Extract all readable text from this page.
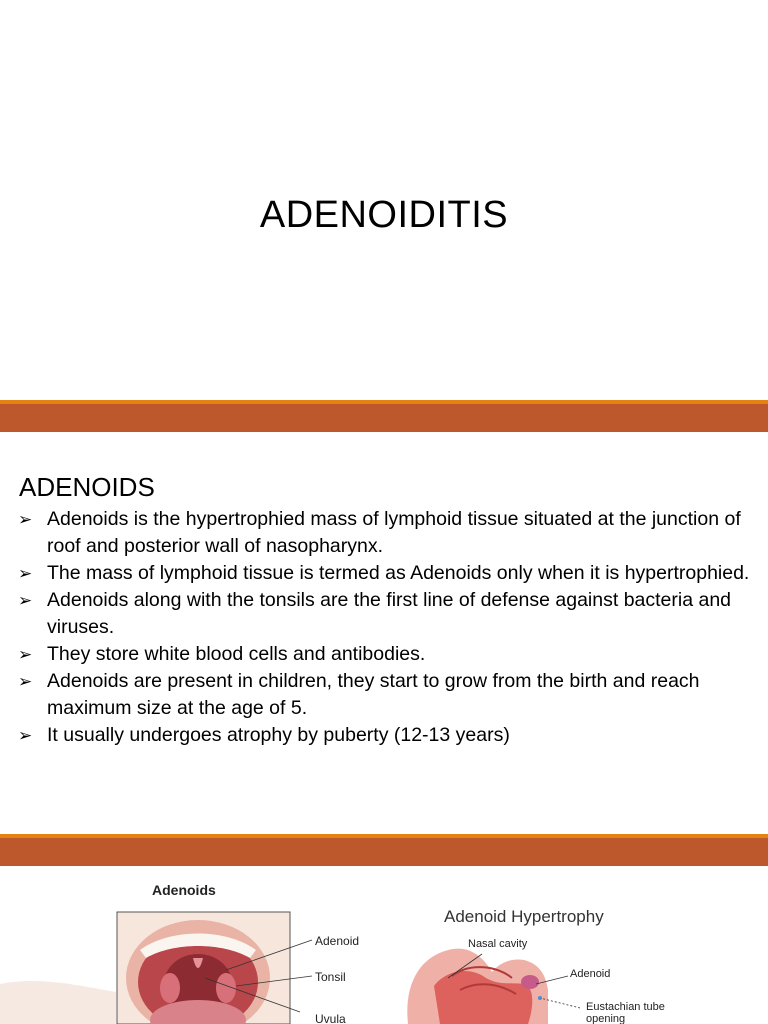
ADENOIDITIS
ADENOIDS
➢ Adenoids is the hypertrophied mass of lymphoid tissue situated at the junction of roof and posterior wall of nasopharynx.
➢ The mass of lymphoid tissue is termed as Adenoids only when it is hypertrophied.
➢ Adenoids along with the tonsils are the first line of defense against bacteria and viruses.
➢ They store white blood cells and antibodies.
➢ Adenoids are present in children, they start to grow from the birth and reach maximum size at the age of 5.
➢ It usually undergoes atrophy by puberty (12-13 years)
Adenoids
Adenoid
Tonsil
Uvula
Adenoid Hypertrophy
Nasal cavity
Adenoid
Eustachian tube
opening
